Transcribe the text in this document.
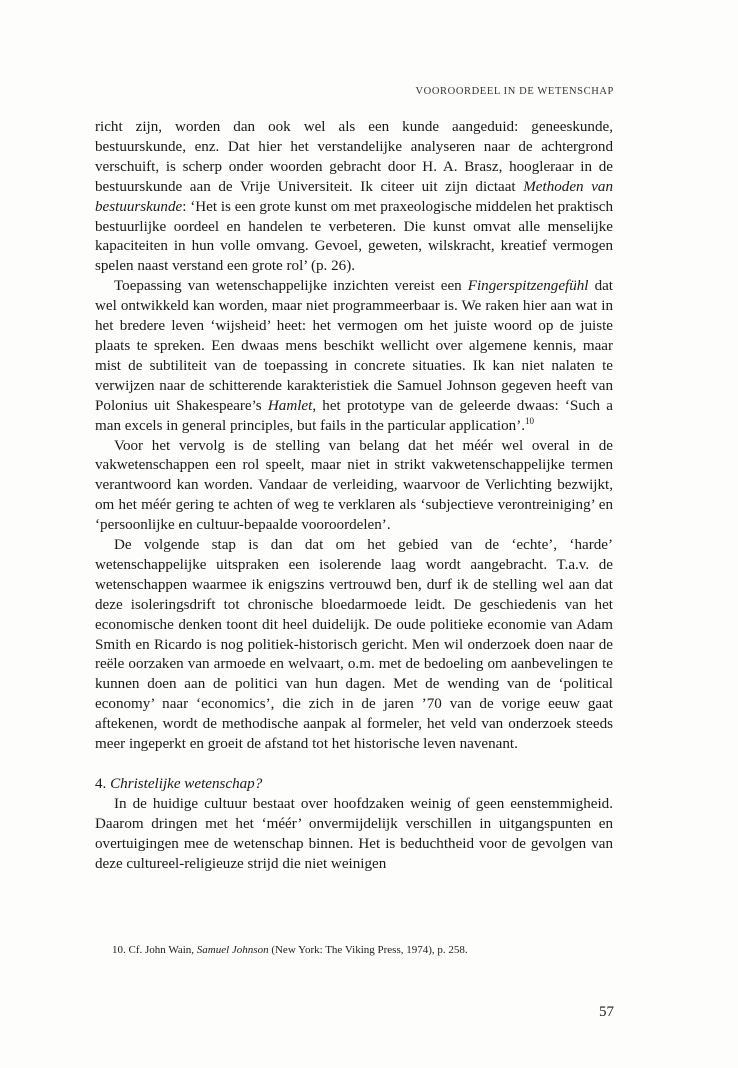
VOOROORDEEL IN DE WETENSCHAP

richt zijn, worden dan ook wel als een kunde aangeduid: geneeskunde, bestuurskunde, enz. Dat hier het verstandelijke analyseren naar de achtergrond verschuift, is scherp onder woorden gebracht door H. A. Brasz, hoogleraar in de bestuurskunde aan de Vrije Universiteit. Ik citeer uit zijn dictaat Methoden van bestuurskunde: ‘Het is een grote kunst om met praxeologische middelen het praktisch bestuurlijke oordeel en handelen te verbeteren. Die kunst omvat alle menselijke kapaciteiten in hun volle omvang. Gevoel, geweten, wilskracht, kreatief vermogen spelen naast verstand een grote rol’ (p. 26).

Toepassing van wetenschappelijke inzichten vereist een Fingerspitzengefühl dat wel ontwikkeld kan worden, maar niet programmeerbaar is. We raken hier aan wat in het bredere leven ‘wijsheid’ heet: het vermogen om het juiste woord op de juiste plaats te spreken. Een dwaas mens beschikt wellicht over algemene kennis, maar mist de subtiliteit van de toepassing in concrete situaties. Ik kan niet nalaten te verwijzen naar de schitterende karakteristiek die Samuel Johnson gegeven heeft van Polonius uit Shakespeare’s Hamlet, het prototype van de geleerde dwaas: ‘Such a man excels in general principles, but fails in the particular application’.$^{10}$

Voor het vervolg is de stelling van belang dat het méér wel overal in de vakwetenschappen een rol speelt, maar niet in strikt vakwetenschappelijke termen verantwoord kan worden. Vandaar de verleiding, waarvoor de Verlichting bezwijkt, om het méér gering te achten of weg te verklaren als ‘subjectieve verontreiniging’ en ‘persoonlijke en cultuur-bepaalde vooroordelen’.

De volgende stap is dan dat om het gebied van de ‘echte’, ‘harde’ wetenschappelijke uitspraken een isolerende laag wordt aangebracht. T.a.v. de wetenschappen waarmee ik enigszins vertrouwd ben, durf ik de stelling wel aan dat deze isoleringsdrift tot chronische bloedarmoede leidt. De geschiedenis van het economische denken toont dit heel duidelijk. De oude politieke economie van Adam Smith en Ricardo is nog politiek-historisch gericht. Men wil onderzoek doen naar de reële oorzaken van armoede en welvaart, o.m. met de bedoeling om aanbevelingen te kunnen doen aan de politici van hun dagen. Met de wending van de ‘political economy’ naar ‘economics’, die zich in de jaren ’70 van de vorige eeuw gaat aftekenen, wordt de methodische aanpak al formeler, het veld van onderzoek steeds meer ingeperkt en groeit de afstand tot het historische leven navenant.

4. Christelijke wetenschap?

In de huidige cultuur bestaat over hoofdzaken weinig of geen eenstemmigheid. Daarom dringen met het ‘méér’ onvermijdelijk verschillen in uitgangspunten en overtuigingen mee de wetenschap binnen. Het is beduchtheid voor de gevolgen van deze cultureel-religieuze strijd die niet weinigen

10. Cf. John Wain, Samuel Johnson (New York: The Viking Press, 1974), p. 258.
57
